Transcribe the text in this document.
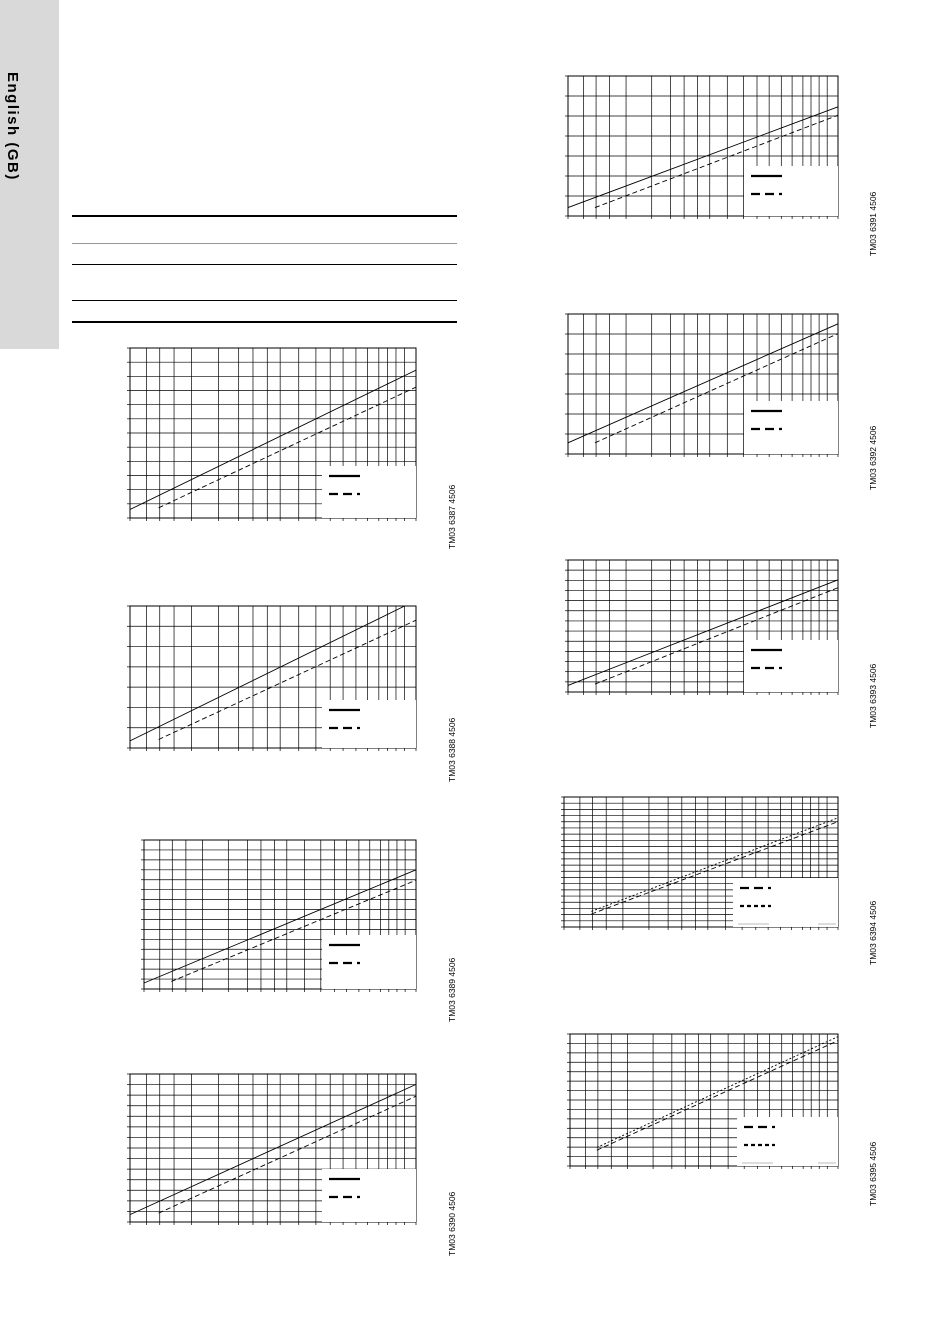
English (GB)
TM03 6387 4506
TM03 6388 4506
TM03 6389 4506
TM03 6390 4506
TM03 6391 4506
TM03 6392 4506
TM03 6393 4506
TM03 6394 4506
TM03 6395 4506
